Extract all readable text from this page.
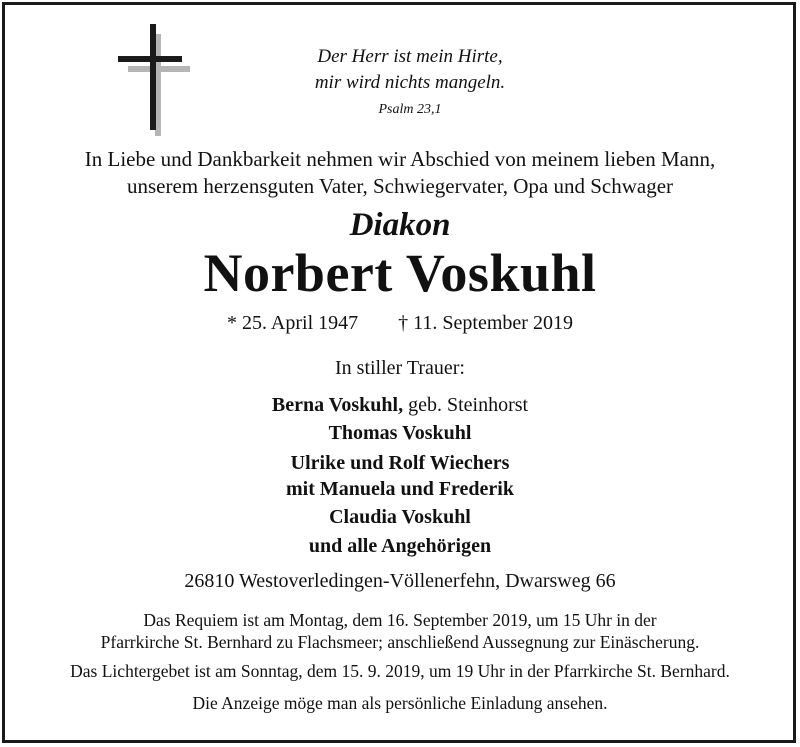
Der Herr ist mein Hirte,
mir wird nichts mangeln.
Psalm 23,1
In Liebe und Dankbarkeit nehmen wir Abschied von meinem lieben Mann,
unserem herzensguten Vater, Schwiegervater, Opa und Schwager
Diakon
Norbert Voskuhl
* 25. April 1947 † 11. September 2019
In stiller Trauer:
Berna Voskuhl, geb. Steinhorst
Thomas Voskuhl
Ulrike und Rolf Wiechers
mit Manuela und Frederik
Claudia Voskuhl
und alle Angehörigen
26810 Westoverledingen-Völlenerfehn, Dwarsweg 66
Das Requiem ist am Montag, dem 16. September 2019, um 15 Uhr in der
Pfarrkirche St. Bernhard zu Flachsmeer; anschließend Aussegnung zur Einäscherung.
Das Lichtergebet ist am Sonntag, dem 15. 9. 2019, um 19 Uhr in der Pfarrkirche St. Bernhard.
Die Anzeige möge man als persönliche Einladung ansehen.
